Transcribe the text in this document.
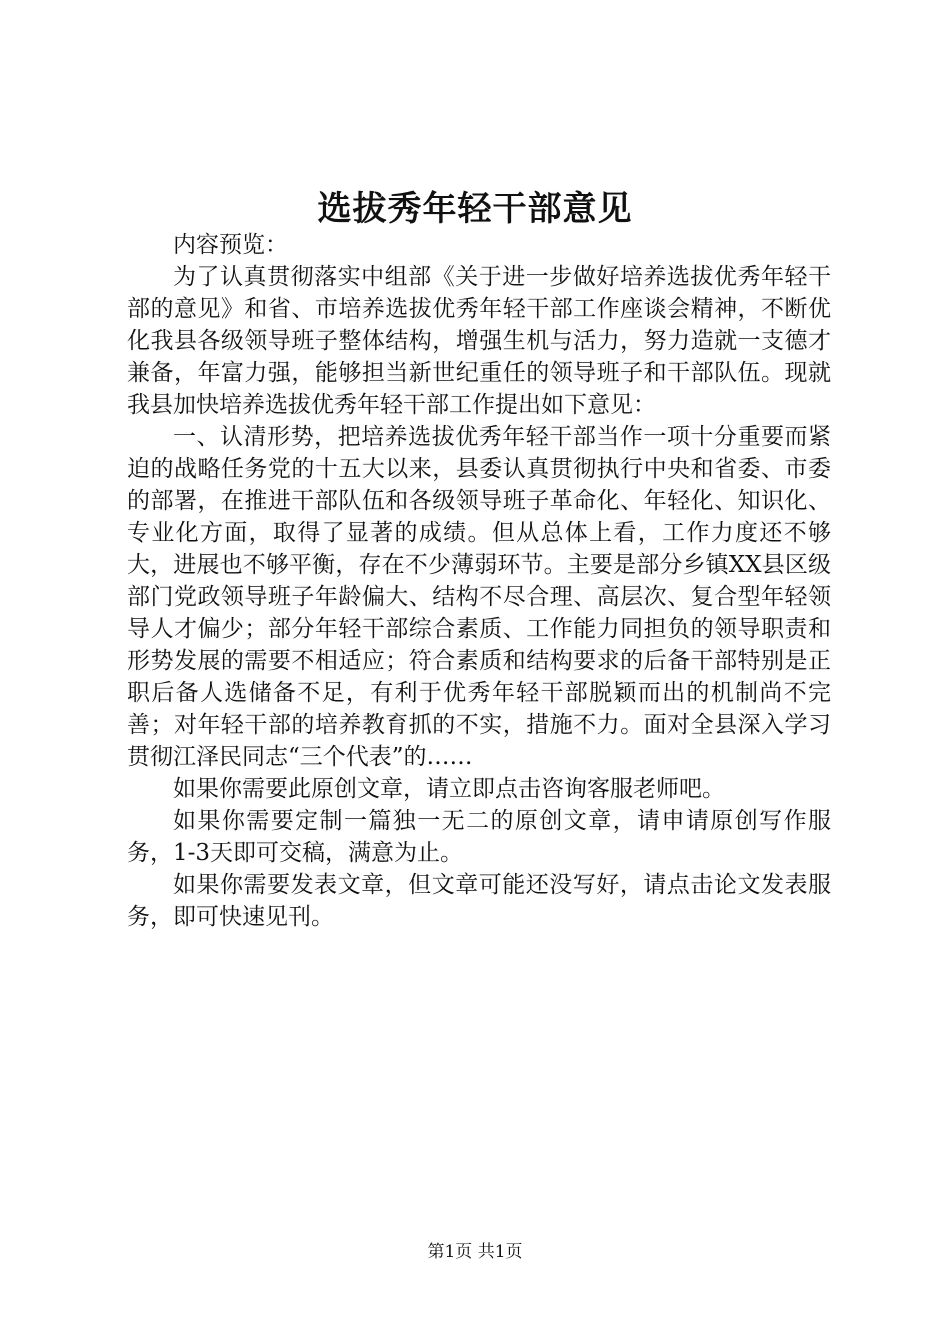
选拔秀年轻干部意见

内容预览：

为了认真贯彻落实中组部《关于进一步做好培养选拔优秀年轻干部的意见》和省、市培养选拔优秀年轻干部工作座谈会精神，不断优化我县各级领导班子整体结构，增强生机与活力，努力造就一支德才兼备，年富力强，能够担当新世纪重任的领导班子和干部队伍。现就我县加快培养选拔优秀年轻干部工作提出如下意见：

一、认清形势，把培养选拔优秀年轻干部当作一项十分重要而紧迫的战略任务党的十五大以来，县委认真贯彻执行中央和省委、市委的部署，在推进干部队伍和各级领导班子革命化、年轻化、知识化、专业化方面，取得了显著的成绩。但从总体上看，工作力度还不够大，进展也不够平衡，存在不少薄弱环节。主要是部分乡镇XX县区级部门党政领导班子年龄偏大、结构不尽合理、高层次、复合型年轻领导人才偏少；部分年轻干部综合素质、工作能力同担负的领导职责和形势发展的需要不相适应；符合素质和结构要求的后备干部特别是正职后备人选储备不足，有利于优秀年轻干部脱颖而出的机制尚不完善；对年轻干部的培养教育抓的不实，措施不力。面对全县深入学习贯彻江泽民同志“三个代表”的……

如果你需要此原创文章，请立即点击咨询客服老师吧。

如果你需要定制一篇独一无二的原创文章，请申请原创写作服务，1-3天即可交稿，满意为止。

如果你需要发表文章，但文章可能还没写好，请点击论文发表服务，即可快速见刊。

第1页 共1页
